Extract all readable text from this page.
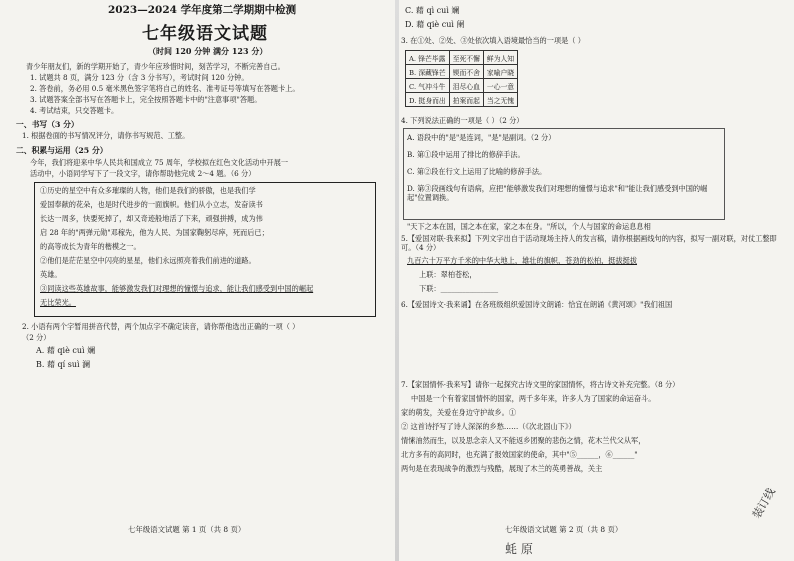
2023—2024 学年度第二学期期中检测
七年级语文试题
（时间 120 分钟 满分 123 分）
青少年朋友们，新的学期开始了，青少年应珍惜时间，刻苦学习，不断完善自己。
1. 试题共 8 页，满分 123 分（含 3 分书写），考试时间 120 分钟。
2. 答卷前，务必用 0.5 毫米黑色签字笔将自己的姓名、准考证号等填写在答题卡上。
3. 试题答案全部书写在答题卡上，完全按照答题卡中的"注意事项"答题。
4. 考试结束，只交答题卡。
一、书写（3 分）
1. 根据卷面的书写情况评分，请你书写规范、工整。
二、积累与运用（25 分）
今年，我们将迎来中华人民共和国成立 75 周年，学校拟在红色文化活动中开展一
活动中，小语同学写下了一段文字，请你帮助他完成 2～4 题。（6 分）
①历史的星空中有众多璀璨的人物，他们是我们的骄傲，也是我们学
爱国奉献的花朵，也是时代进步的一面旗帜。他们从小立志，发奋读书
长达一周多，快要死掉了，却又奇迹般地活了下来，顽强拼搏，成为伟
启 28 年的"两弹元勋"邓稼先，他为人民、为国家鞠躬尽瘁，死而后已；
的高等成长为青年的楷模之一。
②他们是茫茫星空中闪亮的星星，他们永远照亮着我们前进的道路。
英雄。
③同读这些英雄故事，能够激发我们对理想的憧憬与追求，能让我们感受到中国的崛起
无比荣光。
2. 小语有两个字暂用拼音代替，两个加点字不确定读音，请你帮他选出正确的一项（ ）
（2 分）
A. 藉 qiè cuì 斓
B. 藉 qí suì 澜
七年级语文试题 第 1 页（共 8 页）
C. 藉 qì cuì 斓
D. 藉 qiè cuì 阑
3. 在①处、②处、③处依次填入语境最恰当的一项是（ ）
A. 锋芒毕露	至死不懈	鲜为人知
B. 深藏锋芒	锲而不舍	家喻户晓
C. 气冲斗牛	泪尽心血	一心一意
D. 挺身而出	拍案而起	当之无愧
4. 下列说法正确的一项是（ ）（2 分）
A. 语段中的"是"是连词，"是"是副词。（2 分）
B. 第①段中运用了排比的修辞手法。
C. 第②段在行文上运用了比喻的修辞手法。
D. 第③段画线句有语病，应把"能够激发我们对理想的憧憬与追求"和"能让我们感受到中国的崛起"位置调换。
"天下之本在国，国之本在家，家之本在身。"所以，个人与国家的命运息息相
5.【爱国对联·我来拟】下列文字出自于活动现场主持人的发言稿，请你根据画线句的内容，拟写一副对联，对仗工整即可。（4 分）
九百六十万平方千米的中华大地上，雄壮的旗帜，苍劲的松柏，挺拔挺拔
上联：翠柏苍松，
下联：________________
6.【爱国诗文·我来诵】在各班级组织爱国诗文朗诵：恰宜在朗诵《黄河颂》"我们祖国
7.【家国情怀·我来写】请你一起探究古诗文里的家国情怀，将古诗文补充完整。（8 分）
中国是一个有着家国情怀的国家，两千多年来，许多人为了国家的命运奋斗。
家的萌发，关爱在身边守护故乡。①
② 这首诗抒写了诗人深深的乡愁……（《次北固山下》）
情愫油然而生，以及思念亲人又不能返乡团聚的悲伤之情，花木兰代父从军，
北方多有的高同时，也充满了报效国家的使命，其中"⑤______，⑥______"
两句是在表现战争的激烈与残酷，展现了木兰的英勇善战，关主
七年级语文试题 第 2 页（共 8 页）
蚝 原
装订线
